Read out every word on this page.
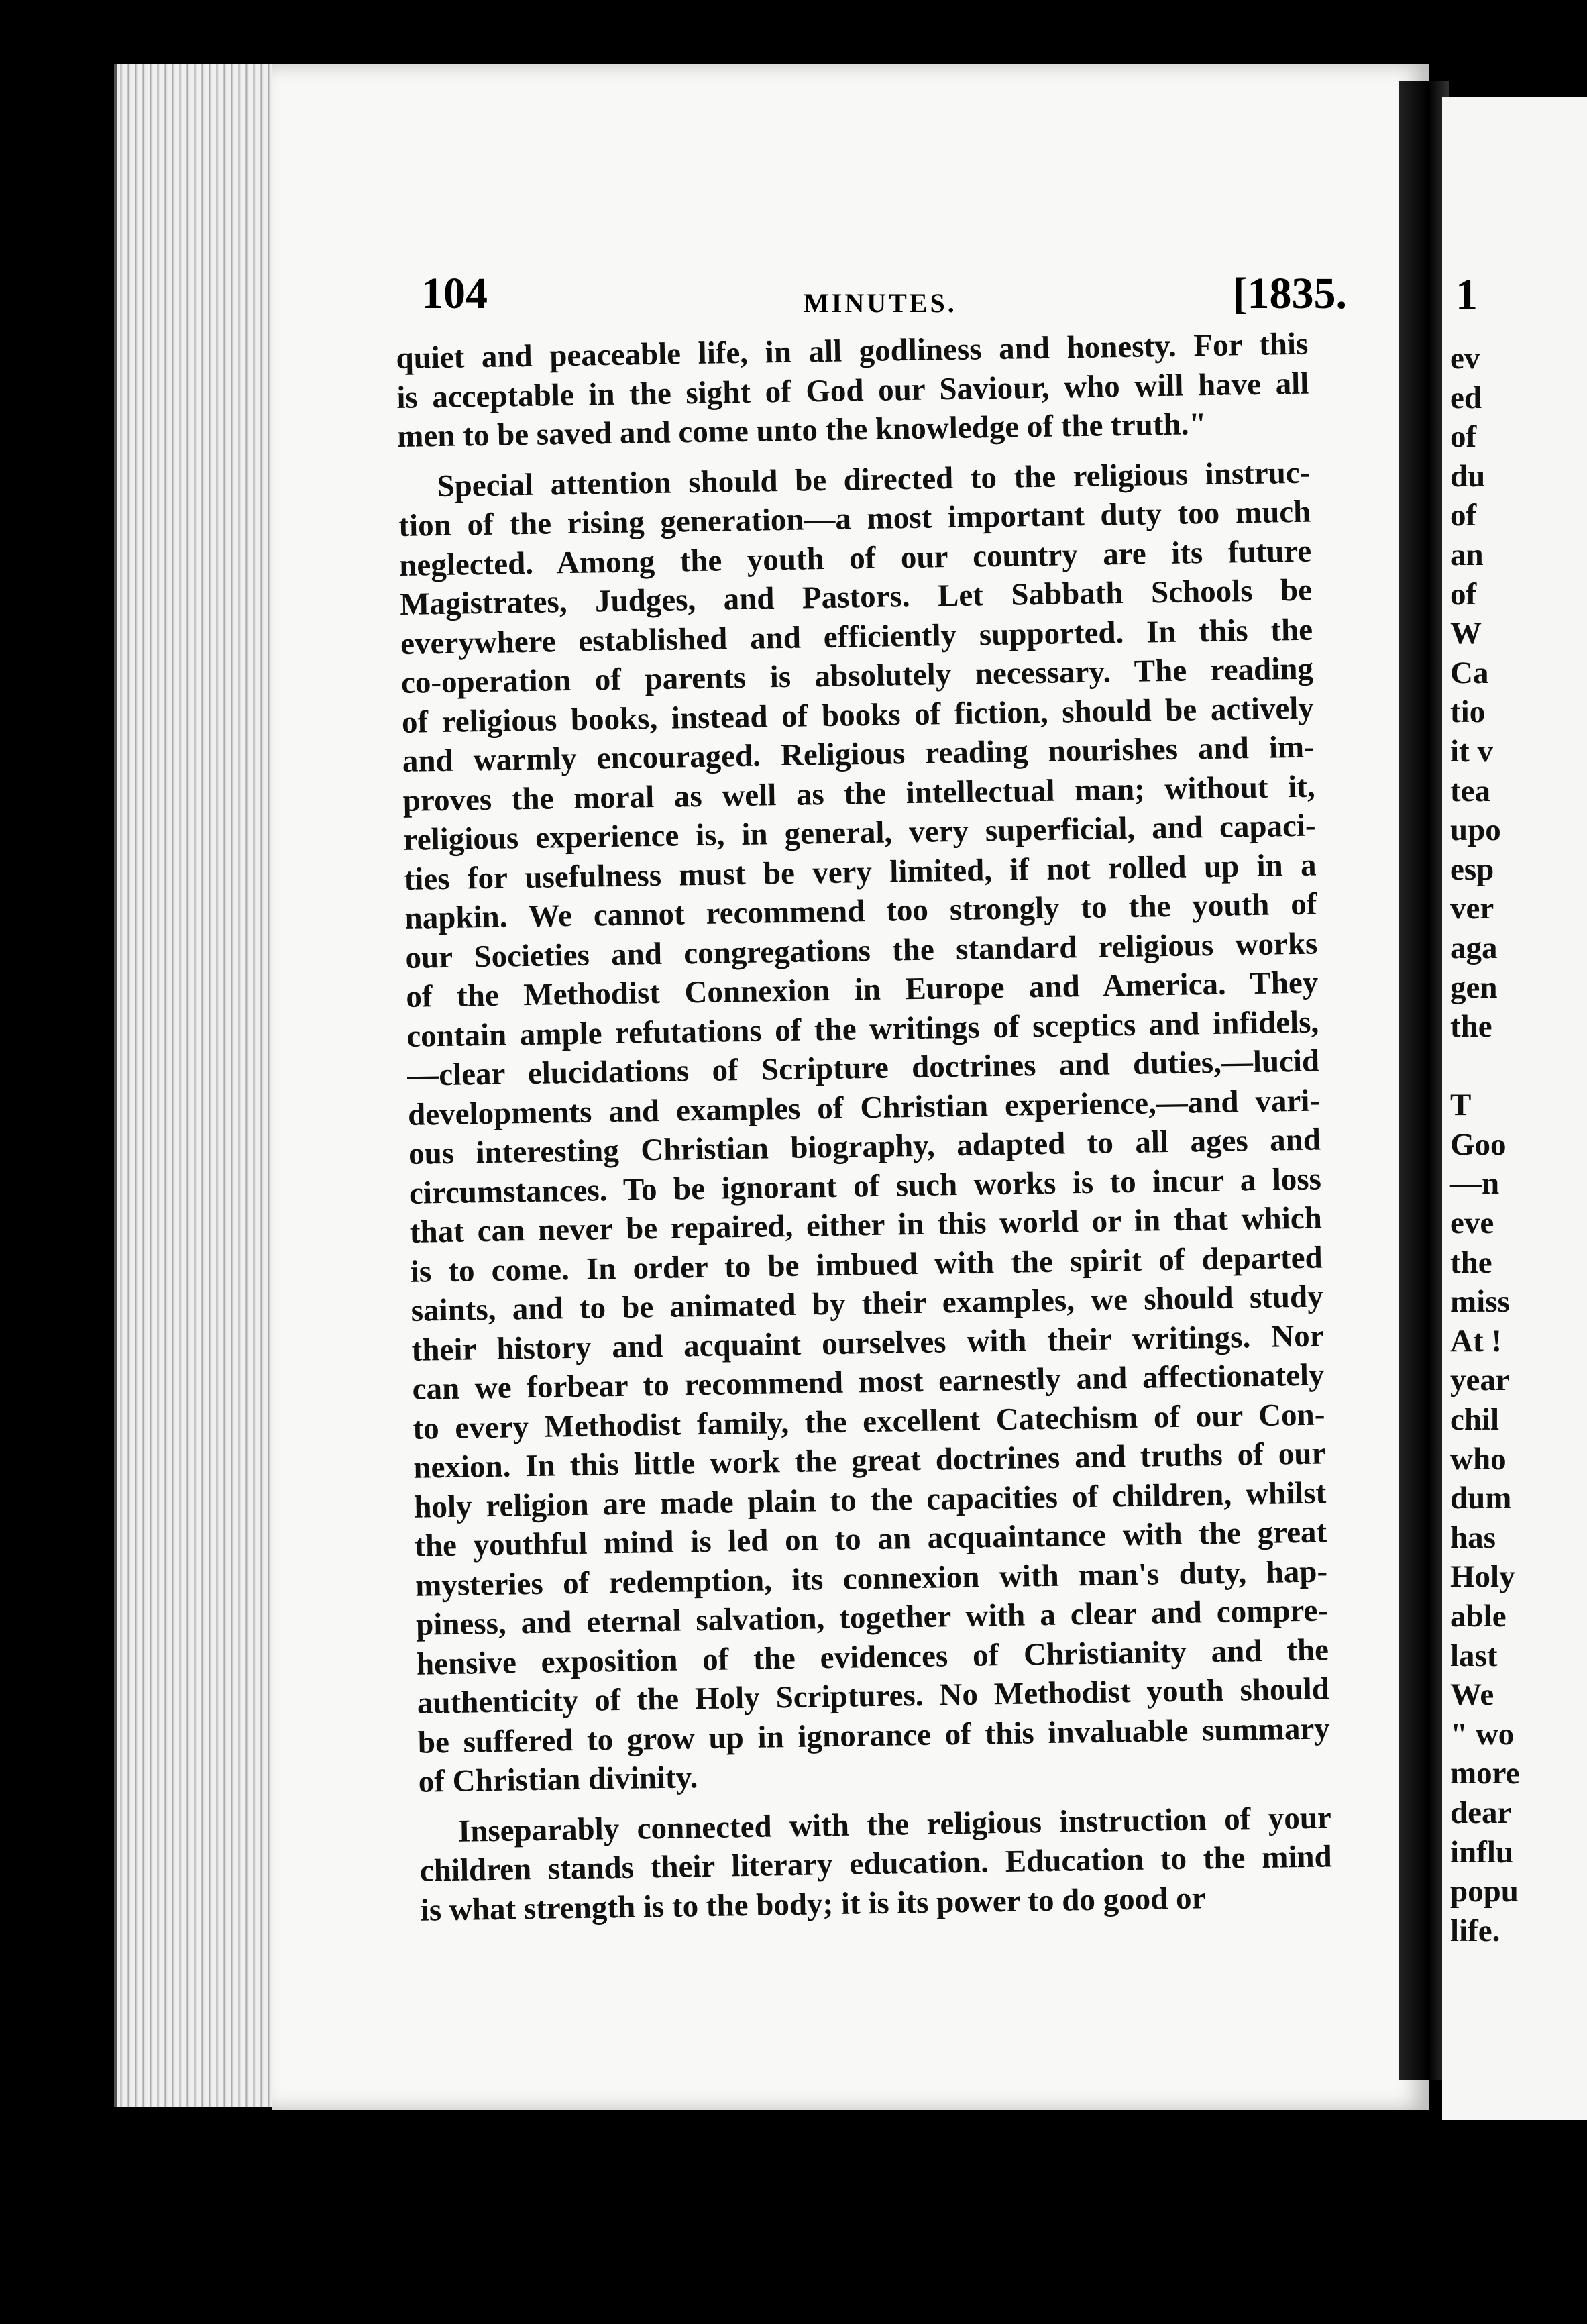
ev
ed
of
du
of
an
of
W
Ca
tio
it v
tea
upo
esp
ver
aga
gen
the

T
Goo
—n
eve
the
miss
At !
year
chil
who
dum
has
Holy
able
last
We
" wo
more
dear
influ
popu
life.
104	MINUTES.	[1835. 1
quiet and peaceable life, in all godliness and honesty. For this
is acceptable in the sight of God our Saviour, who will have all
men to be saved and come unto the knowledge of the truth."
Special attention should be directed to the religious instruc-
tion of the rising generation—a most important duty too much
neglected. Among the youth of our country are its future
Magistrates, Judges, and Pastors. Let Sabbath Schools be
everywhere established and efficiently supported. In this the
co-operation of parents is absolutely necessary. The reading
of religious books, instead of books of fiction, should be actively
and warmly encouraged. Religious reading nourishes and im-
proves the moral as well as the intellectual man; without it,
religious experience is, in general, very superficial, and capaci-
ties for usefulness must be very limited, if not rolled up in a
napkin. We cannot recommend too strongly to the youth of
our Societies and congregations the standard religious works
of the Methodist Connexion in Europe and America. They
contain ample refutations of the writings of sceptics and infidels,
—clear elucidations of Scripture doctrines and duties,—lucid
developments and examples of Christian experience,—and vari-
ous interesting Christian biography, adapted to all ages and
circumstances. To be ignorant of such works is to incur a loss
that can never be repaired, either in this world or in that which
is to come. In order to be imbued with the spirit of departed
saints, and to be animated by their examples, we should study
their history and acquaint ourselves with their writings. Nor
can we forbear to recommend most earnestly and affectionately
to every Methodist family, the excellent Catechism of our Con-
nexion. In this little work the great doctrines and truths of our
holy religion are made plain to the capacities of children, whilst
the youthful mind is led on to an acquaintance with the great
mysteries of redemption, its connexion with man's duty, hap-
piness, and eternal salvation, together with a clear and compre-
hensive exposition of the evidences of Christianity and the
authenticity of the Holy Scriptures. No Methodist youth should
be suffered to grow up in ignorance of this invaluable summary
of Christian divinity.
Inseparably connected with the religious instruction of your
children stands their literary education. Education to the mind
is what strength is to the body; it is its power to do good or
